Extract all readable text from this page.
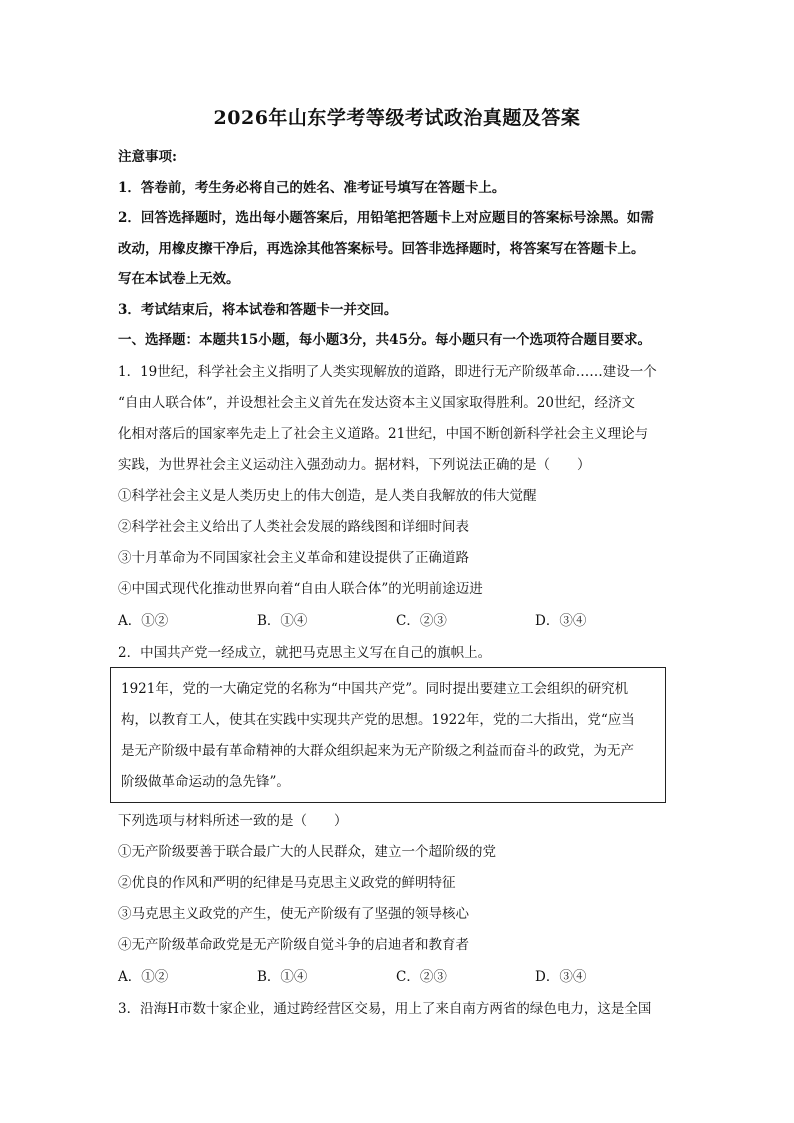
2026年山东学考等级考试政治真题及答案
注意事项:
1．答卷前，考生务必将自己的姓名、准考证号填写在答题卡上。
2．回答选择题时，选出每小题答案后，用铅笔把答题卡上对应题目的答案标号涂黑。如需
改动，用橡皮擦干净后，再选涂其他答案标号。回答非选择题时，将答案写在答题卡上。
写在本试卷上无效。
3．考试结束后，将本试卷和答题卡一并交回。
一、选择题：本题共15小题，每小题3分，共45分。每小题只有一个选项符合题目要求。
1．19世纪，科学社会主义指明了人类实现解放的道路，即进行无产阶级革命……建设一个
“自由人联合体”，并设想社会主义首先在发达资本主义国家取得胜利。20世纪，经济文
化相对落后的国家率先走上了社会主义道路。21世纪，中国不断创新科学社会主义理论与
实践，为世界社会主义运动注入强劲动力。据材料，下列说法正确的是（　　）
①科学社会主义是人类历史上的伟大创造，是人类自我解放的伟大觉醒
②科学社会主义给出了人类社会发展的路线图和详细时间表
③十月革命为不同国家社会主义革命和建设提供了正确道路
④中国式现代化推动世界向着“自由人联合体”的光明前途迈进
A．①②	B．①④	C．②③	D．③④
2．中国共产党一经成立，就把马克思主义写在自己的旗帜上。
1921年，党的一大确定党的名称为“中国共产党”。同时提出要建立工会组织的研究机
构，以教育工人，使其在实践中实现共产党的思想。1922年，党的二大指出，党“应当
是无产阶级中最有革命精神的大群众组织起来为无产阶级之利益而奋斗的政党，为无产
阶级做革命运动的急先锋”。
下列选项与材料所述一致的是（　　）
①无产阶级要善于联合最广大的人民群众，建立一个超阶级的党
②优良的作风和严明的纪律是马克思主义政党的鲜明特征
③马克思主义政党的产生，使无产阶级有了坚强的领导核心
④无产阶级革命政党是无产阶级自觉斗争的启迪者和教育者
A．①②	B．①④	C．②③	D．③④
3．沿海H市数十家企业，通过跨经营区交易，用上了来自南方两省的绿色电力，这是全国
